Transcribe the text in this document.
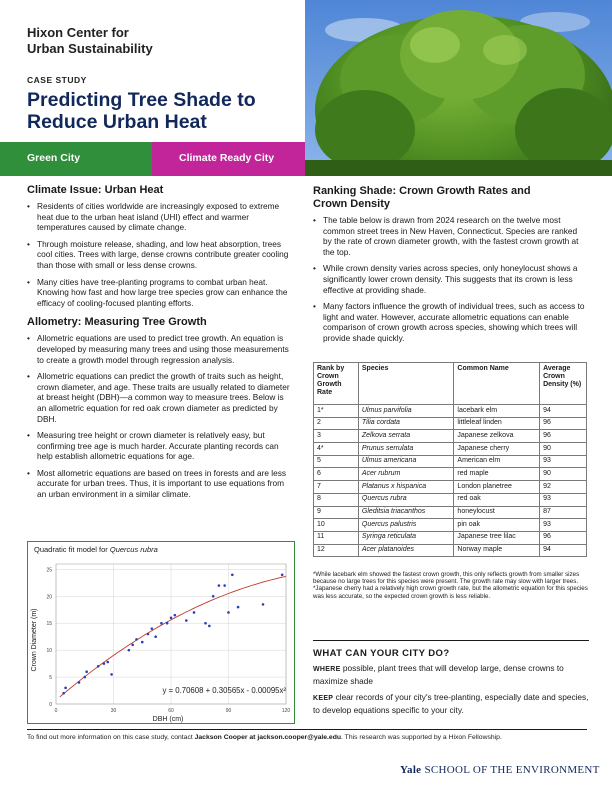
Hixon Center for
Urban Sustainability
CASE STUDY
Predicting Tree Shade to
Reduce Urban Heat
Green City	Climate Ready City
Climate Issue: Urban Heat
• Residents of cities worldwide are increasingly exposed to extreme heat due to the urban heat island (UHI) effect and warmer temperatures caused by climate change.
• Through moisture release, shading, and low heat absorption, trees cool cities. Trees with large, dense crowns contribute greater cooling than those with small or less dense crowns.
• Many cities have tree-planting programs to combat urban heat. Knowing how fast and how large tree species grow can enhance the efficacy of cooling-focused planting efforts.
Allometry: Measuring Tree Growth
• Allometric equations are used to predict tree growth. An equation is developed by measuring many trees and using those measurements to create a growth model through regression analysis.
• Allometric equations can predict the growth of traits such as height, crown diameter, and age. These traits are usually related to diameter at breast height (DBH)—a common way to measure trees. Below is an allometric equation for red oak crown diameter as predicted by DBH.
• Measuring tree height or crown diameter is relatively easy, but confirming tree age is much harder. Accurate planting records can help establish allometric equations for age.
• Most allometric equations are based on trees in forests and are less accurate for urban trees. Thus, it is important to use equations from an urban environment in a similar climate.
Quadratic fit model for Quercus rubra
0
5
10
15
20
25
0	30	60	90	120
Crown Diameter (m)
DBH (cm)
y = 0.70608 + 0.30565x - 0.00095x²
Ranking Shade: Crown Growth Rates and
Crown Density
• The table below is drawn from 2024 research on the twelve most common street trees in New Haven, Connecticut. Species are ranked by the rate of crown diameter growth, with the fastest crown growth at the top.
• While crown density varies across species, only honeylocust shows a significantly lower crown density. This suggests that its crown is less effective at providing shade.
• Many factors influence the growth of individual trees, such as access to light and water. However, accurate allometric equations can enable comparison of crown growth across species, showing which trees will provide shade quickly.
Rank by Crown Growth Rate	Species	Common Name	Average Crown Density (%)
1*	Ulmus parvifolia	lacebark elm	94
2	Tilia cordata	littleleaf linden	96
3	Zelkova serrata	Japanese zelkova	96
4*	Prunus serrulata	Japanese cherry	90
5	Ulmus americana	American elm	93
6	Acer rubrum	red maple	90
7	Platanus x hispanica	London planetree	92
8	Quercus rubra	red oak	93
9	Gleditsia triacanthos	honeylocust	87
10	Quercus palustris	pin oak	93
11	Syringa reticulata	Japanese tree lilac	96
12	Acer platanoides	Norway maple	94
*While lacebark elm showed the fastest crown growth, this only reflects growth from smaller sizes because no large trees for this species were present. The growth rate may slow with larger trees. *Japanese cherry had a relatively high crown growth rate, but the allometric equation for this species was less accurate, so the expected crown growth is less reliable.
WHAT CAN YOUR CITY DO?
WHERE possible, plant trees that will develop large, dense crowns to maximize shade
KEEP clear records of your city's tree-planting, especially date and species, to develop equations specific to your city.
To find out more information on this case study, contact Jackson Cooper at jackson.cooper@yale.edu. This research was supported by a Hixon Fellowship.
Yale SCHOOL OF THE ENVIRONMENT
